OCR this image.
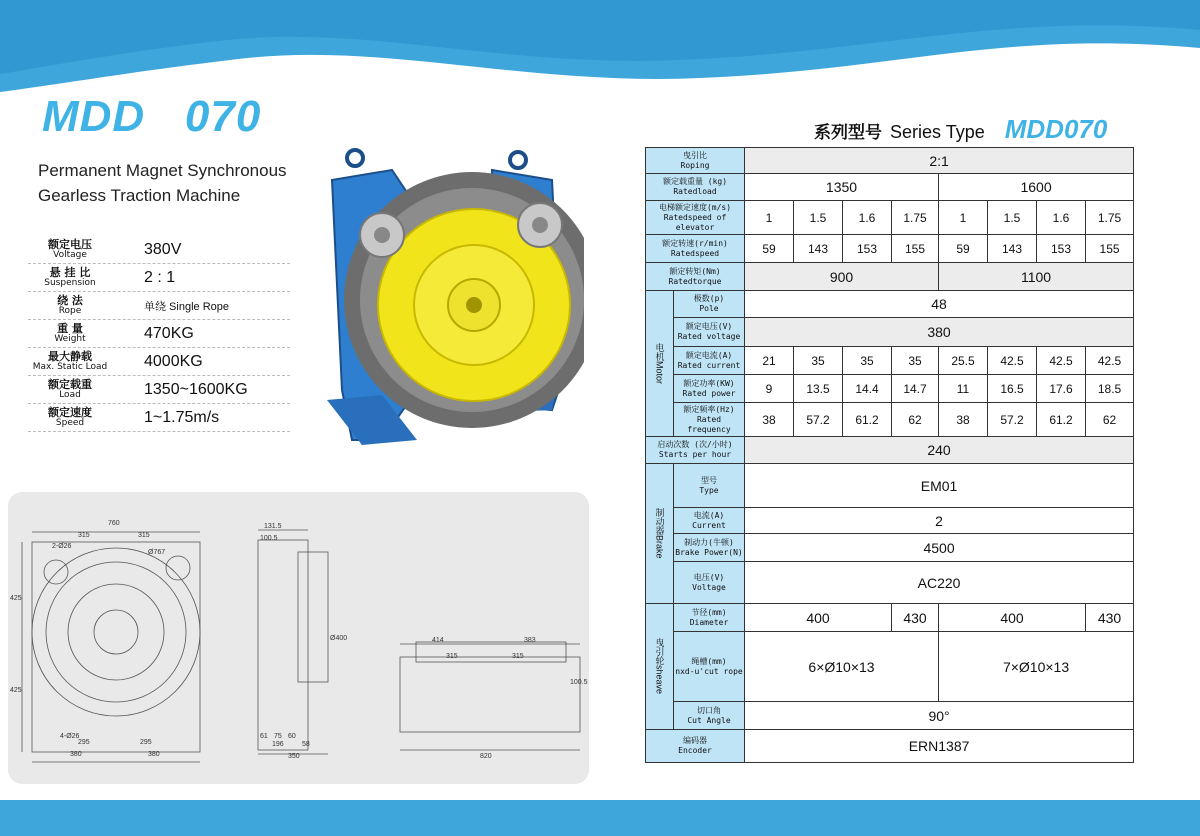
MDD   070
Permanent Magnet Synchronous
Gearless Traction Machine
额定电压
Voltage	380V
悬 挂 比
Suspension	2 : 1
绕 法
Rope	单绕 Single Rope
重 量
Weight	470KG
最大静载
Max. Static Load	4000KG
额定载重
Load	1350~1600KG
额定速度
Speed	1~1.75m/s
760
315	315
2-Ø26
Ø767
425
425
4-Ø26
295	295
380	380
131.5
100.5
Ø400
61 75 60
196	58
350
414	383
315	315
100.5
820
系列型号 Series Type MDD070
曳引比
Roping		2:1							

额定载重量 (kg)
Ratedload		1350				1600			

电梯额定速度(m/s)
Ratedspeed of
elevator		1	1.5	1.6	1.75	1	1.5	1.6	1.75

额定转速(r/min)
Ratedspeed		59	143	153	155	59	143	153	155

额定转矩(Nm)
Ratedtorque		900				1100			
电机Motor	极数(p)
Pole	48							

	额定电压(V)
Rated voltage	380							

	额定电流(A)
Rated current	21	35	35	35	25.5	42.5	42.5	42.5

	额定功率(KW)
Rated power	9	13.5	14.4	14.7	11	16.5	17.6	18.5

	额定频率(Hz)
Rated frequency	38	57.2	61.2	62	38	57.2	61.2	62

启动次数 (次/小时)
Starts per hour		240							
制动器Brake	型号
Type	EM01							

	电流(A)
Current	2							

	制动力(牛顿)
Brake Power(N)	4500							

	电压(V)
Voltage	AC220							
曳引轮sheave	节径(mm)
Diameter	400			430	400			430

	绳槽(mm)
nxd-u'cut rope	6×Ø10×13				7×Ø10×13			

	切口角
Cut Angle	90°							

编码器
Encoder		ERN1387							
